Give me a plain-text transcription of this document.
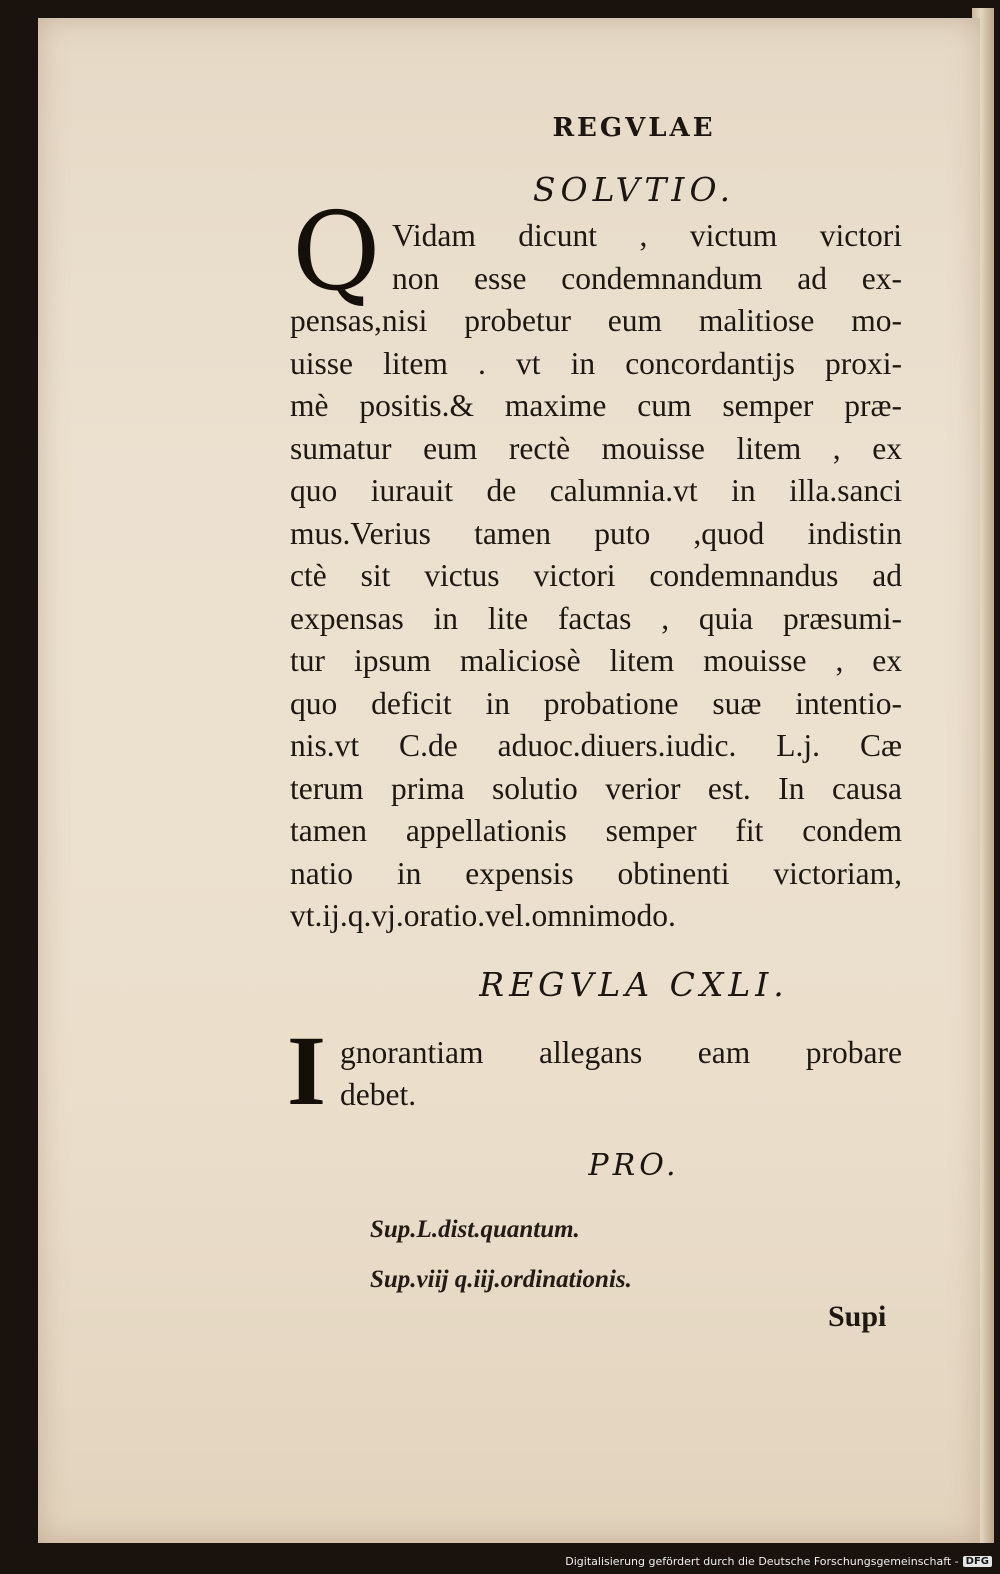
REGVLAE
SOLVTIO.
Q Vidam dicunt , victum victori
non esse condemnandum ad ex-
pensas,nisi probetur eum malitiose mo-
uisse litem . vt in concordantijs proxi-
mè positis.& maxime cum semper præ-
sumatur eum rectè mouisse litem , ex
quo iurauit de calumnia.vt in illa.sanci
mus.Verius tamen puto ,quod indistin
ctè sit victus victori condemnandus ad
expensas in lite factas , quia præsumi-
tur ipsum maliciosè litem mouisse , ex
quo deficit in probatione suæ intentio-
nis.vt C.de aduoc.diuers.iudic. L.j. Cæ
terum prima solutio verior est. In causa
tamen appellationis semper fit condem
natio in expensis obtinenti victoriam,
vt.ij.q.vj.oratio.vel.omnimodo.
REGVLA CXLI.
I gnorantiam allegans eam probare
debet.
PRO.
Sup.L.dist.quantum.
Sup.viij q.iij.ordinationis.
Supi
Digitalisierung gefördert durch die Deutsche Forschungsgemeinschaft - DFG
